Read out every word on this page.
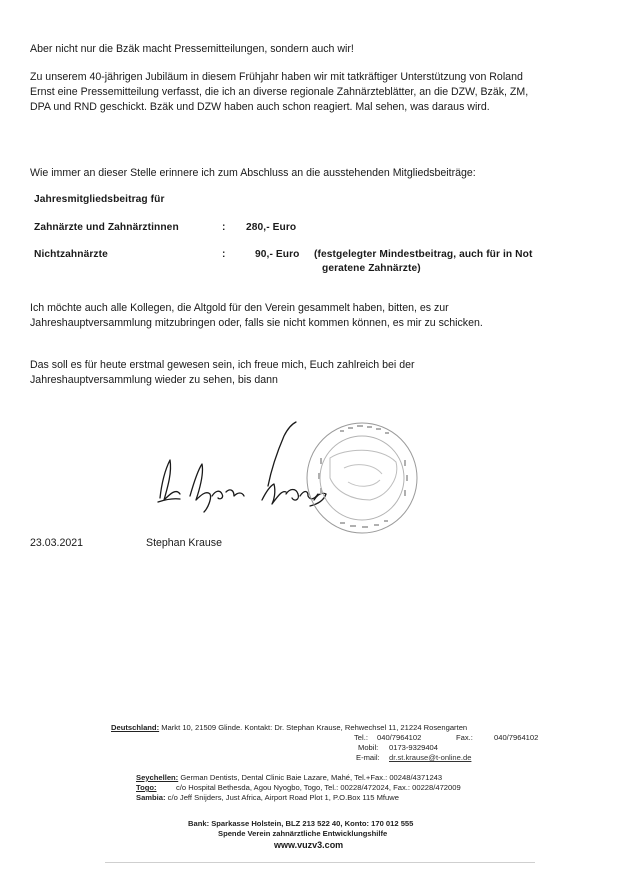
Aber nicht nur die Bzäk macht Pressemitteilungen, sondern auch wir!
Zu unserem 40-jährigen Jubiläum in diesem Frühjahr haben wir mit tatkräftiger Unterstützung von Roland
Ernst eine Pressemitteilung verfasst, die ich an diverse regionale Zahnärzteblätter, an die DZW, Bzäk, ZM,
DPA und RND geschickt. Bzäk und DZW haben auch schon reagiert. Mal sehen, was daraus wird.
Wie immer an dieser Stelle erinnere ich zum Abschluss an die ausstehenden Mitgliedsbeiträge:
Jahresmitgliedsbeitrag für
Zahnärzte und Zahnärztinnen	: 280,- Euro
Nichtzahnärzte	:	90,- Euro (festgelegter Mindestbeitrag, auch für in Not
geratene Zahnärzte)
Ich möchte auch alle Kollegen, die Altgold für den Verein gesammelt haben, bitten, es zur
Jahreshauptversammlung mitzubringen oder, falls sie nicht kommen können, es mir zu schicken.
Das soll es für heute erstmal gewesen sein, ich freue mich, Euch zahlreich bei der
Jahreshauptversammlung wieder zu sehen, bis dann
23.03.2021	Stephan Krause
Deutschland: Markt 10, 21509 Glinde. Kontakt: Dr. Stephan Krause, Rehwechsel 11, 21224 Rosengarten
Tel.: 040/7964102	Fax.:	040/7964102
Mobil: 0173-9329404
E-mail: dr.st.krause@t-online.de
Seychellen: German Dentists, Dental Clinic Baie Lazare, Mahé, Tel.+Fax.: 00248/4371243
Togo:	c/o Hospital Bethesda, Agou Nyogbo, Togo, Tel.: 00228/472024, Fax.: 00228/472009
Sambia: c/o Jeff Snijders, Just Africa, Airport Road Plot 1, P.O.Box 115 Mfuwe
Bank: Sparkasse Holstein, BLZ 213 522 40, Konto: 170 012 555
Spende Verein zahnärztliche Entwicklungshilfe
www.vuzv3.com
